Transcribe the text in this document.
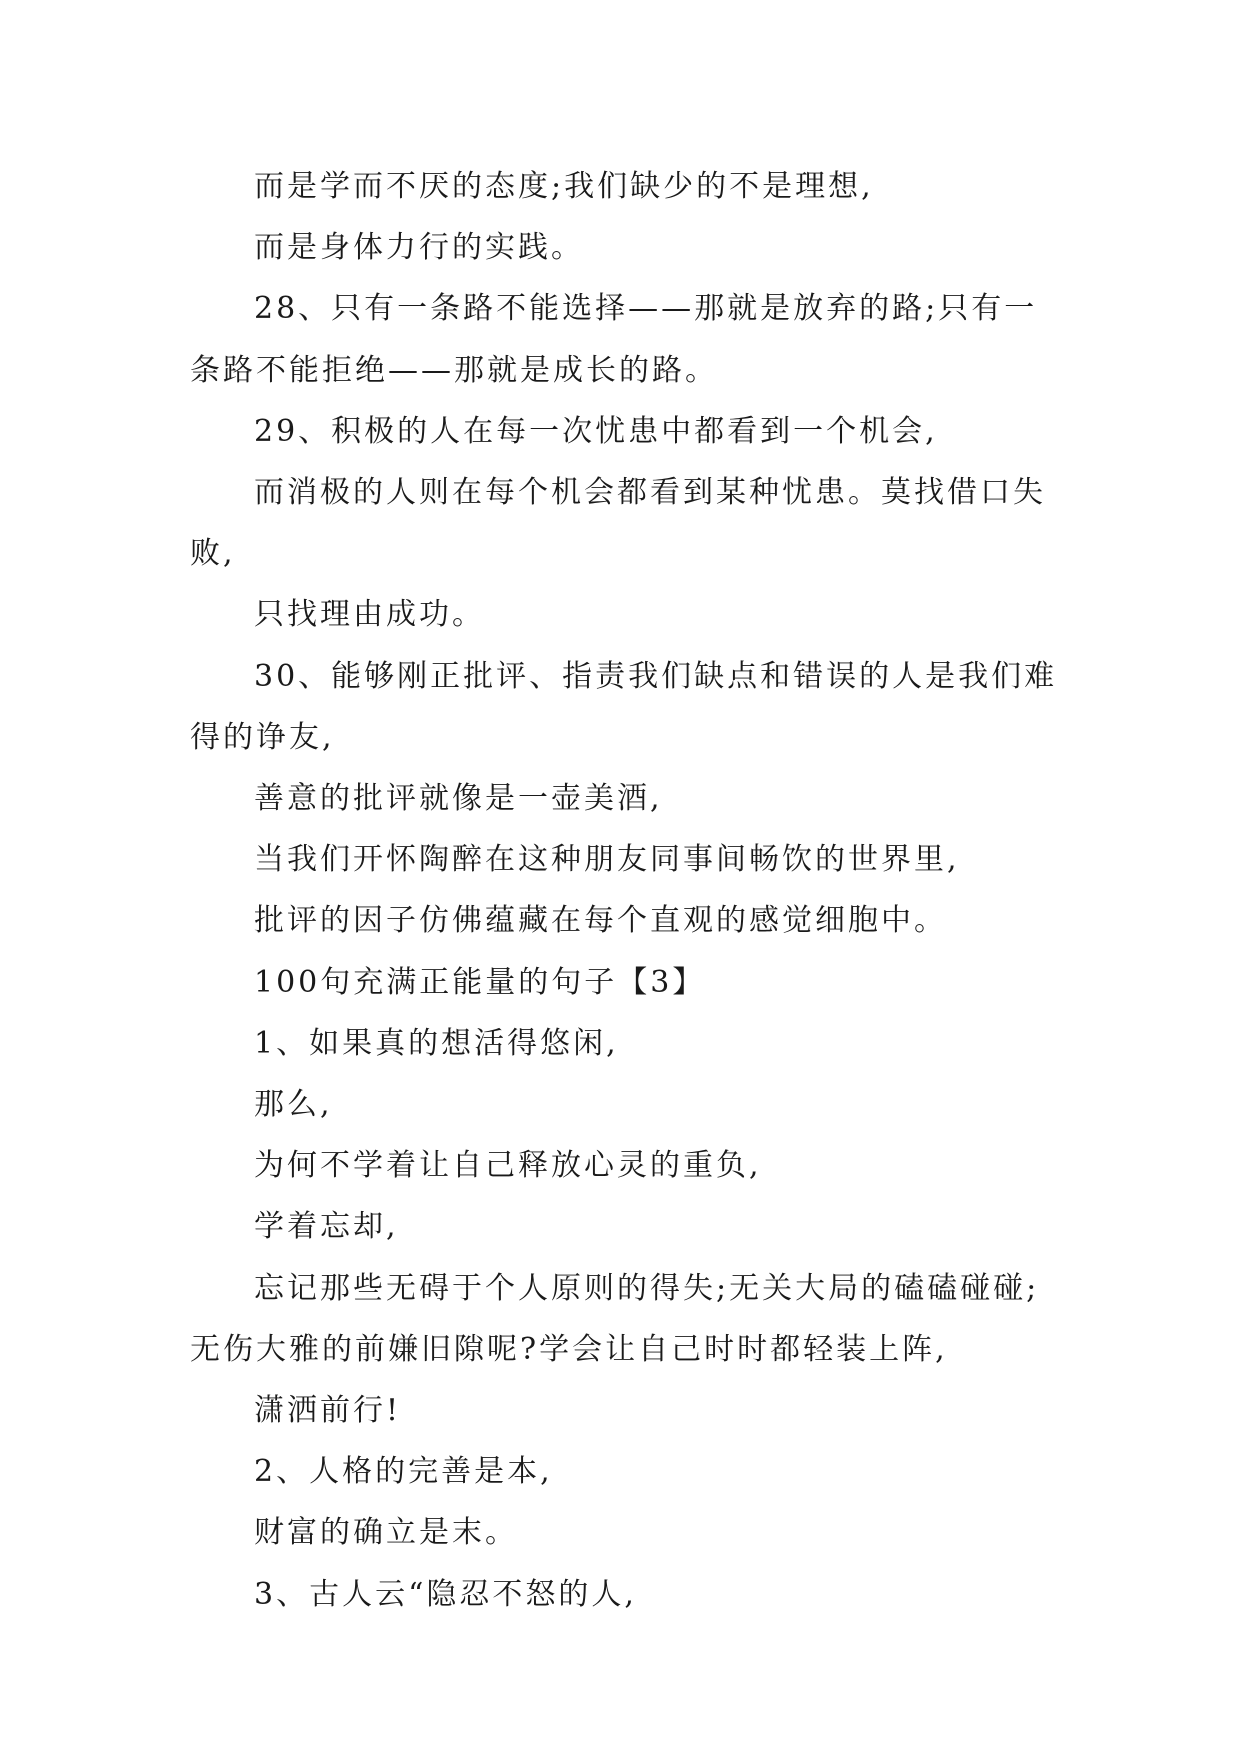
而是学而不厌的态度;我们缺少的不是理想,

而是身体力行的实践。

28、只有一条路不能选择——那就是放弃的路;只有一

条路不能拒绝——那就是成长的路。

29、积极的人在每一次忧患中都看到一个机会,

而消极的人则在每个机会都看到某种忧患。莫找借口失

败,

只找理由成功。

30、能够刚正批评、指责我们缺点和错误的人是我们难

得的诤友,

善意的批评就像是一壶美酒,

当我们开怀陶醉在这种朋友同事间畅饮的世界里,

批评的因子仿佛蕴藏在每个直观的感觉细胞中。

100句充满正能量的句子【3】

1、如果真的想活得悠闲,

那么,

为何不学着让自己释放心灵的重负,

学着忘却,

忘记那些无碍于个人原则的得失;无关大局的磕磕碰碰;

无伤大雅的前嫌旧隙呢?学会让自己时时都轻装上阵,

潇洒前行!

2、人格的完善是本,

财富的确立是末。

3、古人云“隐忍不怒的人,
